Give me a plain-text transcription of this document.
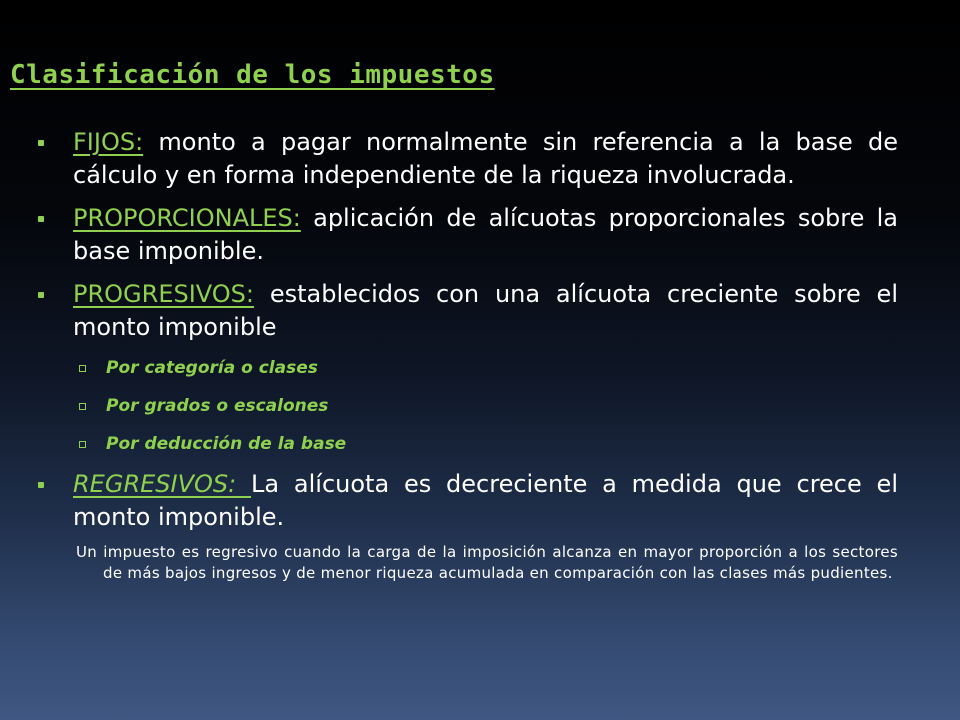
Clasificación de los impuestos
FIJOS: monto a pagar normalmente sin referencia a la base de cálculo y en forma independiente de la riqueza involucrada.
PROPORCIONALES: aplicación de alícuotas proporcionales sobre la base imponible.
PROGRESIVOS: establecidos con una alícuota creciente sobre el monto imponible
Por categoría o clases
Por grados o escalones
Por deducción de la base
REGRESIVOS: La alícuota es decreciente a medida que crece el monto imponible.
Un impuesto es regresivo cuando la carga de la imposición alcanza en mayor proporción a los sectores de más bajos ingresos y de menor riqueza acumulada en comparación con las clases más pudientes.
